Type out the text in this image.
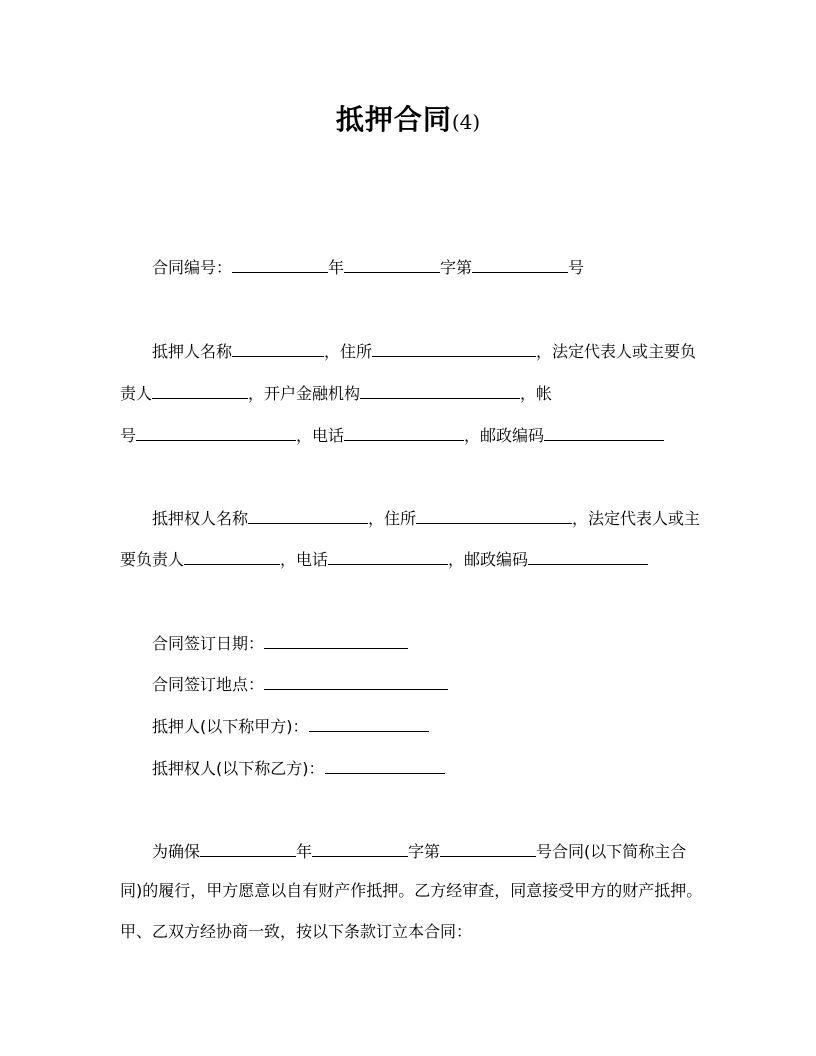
抵押合同(4)
合同编号：	年	字第	号
抵押人名称	，住所	，法定代表人或主要负
责人	，开户金融机构	，帐
号	，电话	，邮政编码
抵押权人名称	，住所	，法定代表人或主
要负责人	，电话	，邮政编码
合同签订日期：
合同签订地点：
抵押人(以下称甲方)：
抵押权人(以下称乙方)：
为确保	年	字第	号合同(以下简称主合
同)的履行，甲方愿意以自有财产作抵押。乙方经审查，同意接受甲方的财产抵押。
甲、乙双方经协商一致，按以下条款订立本合同：
